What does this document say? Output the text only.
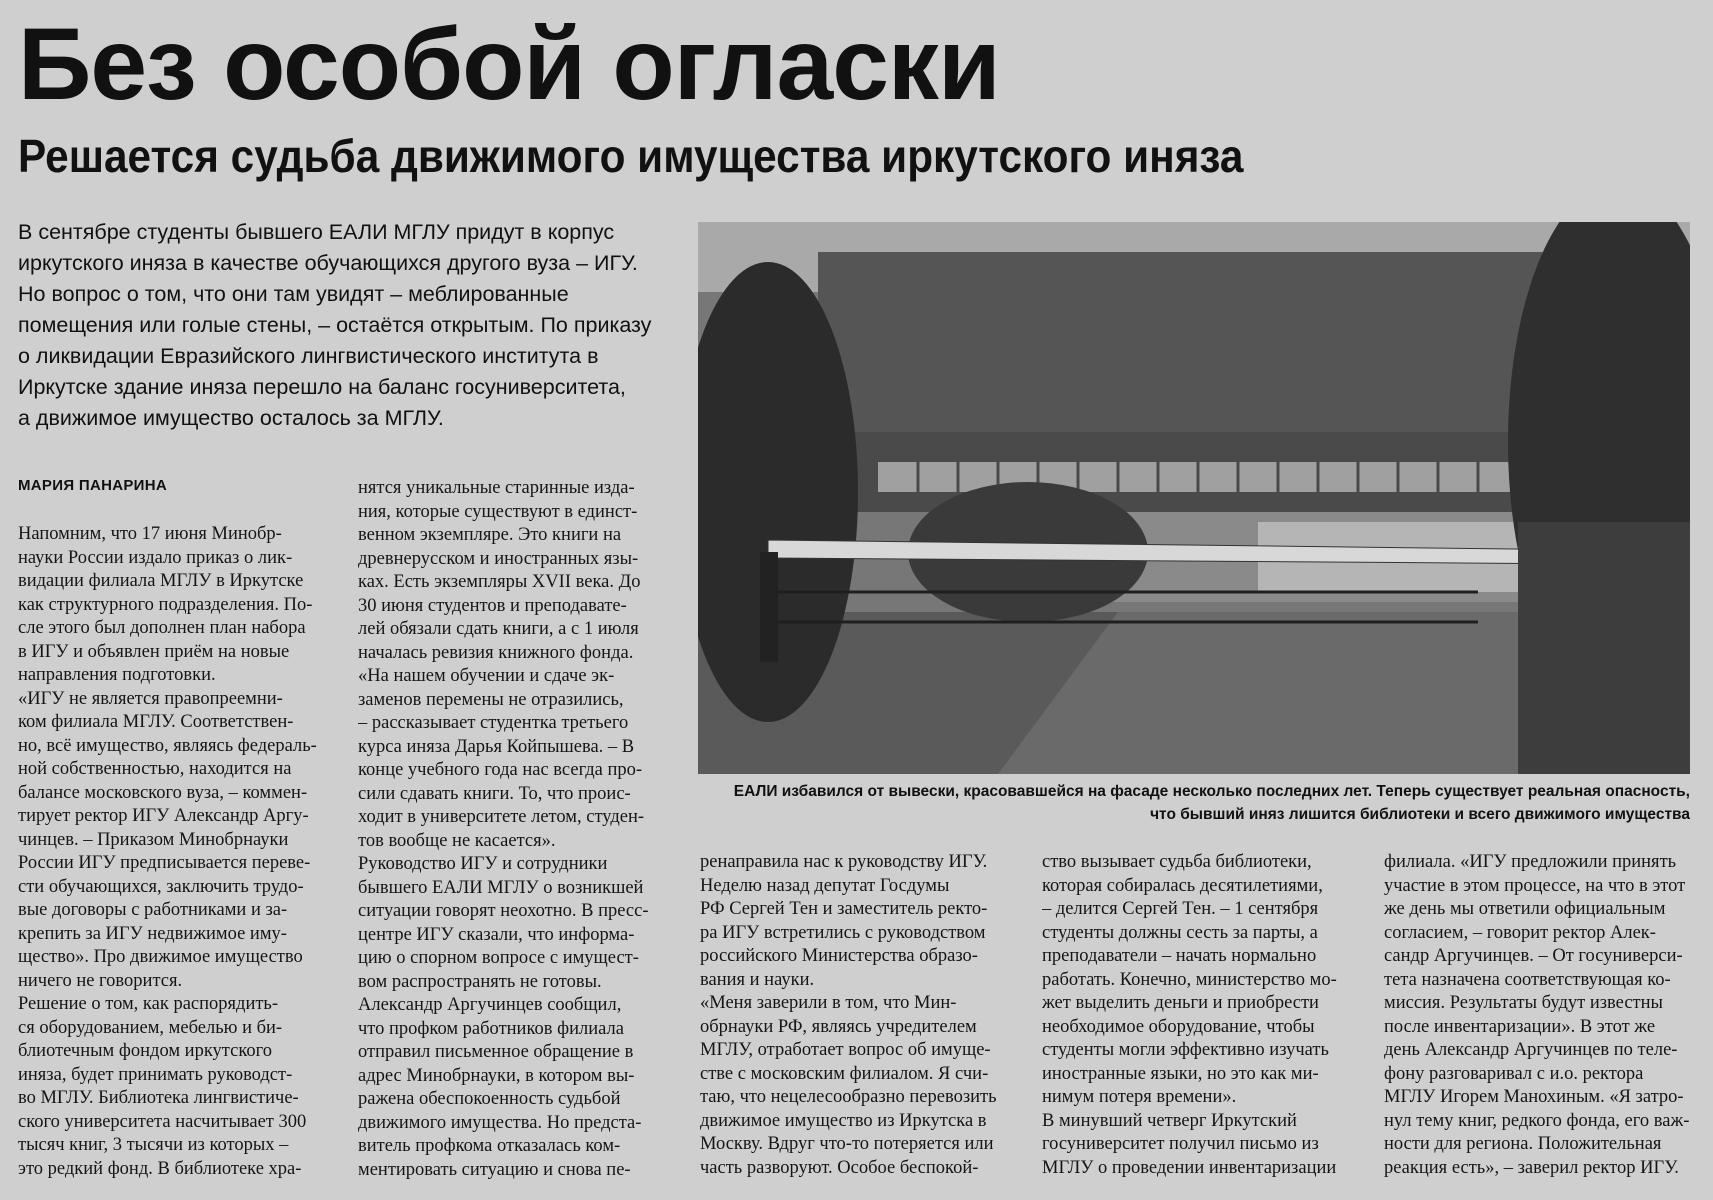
Без особой огласки
Решается судьба движимого имущества иркутского иняза
В сентябре студенты бывшего ЕАЛИ МГЛУ придут в корпус
иркутского иняза в качестве обучающихся другого вуза – ИГУ.
Но вопрос о том, что они там увидят – меблированные
помещения или голые стены, – остаётся открытым. По приказу
о ликвидации Евразийского лингвистического института в
Иркутске здание иняза перешло на баланс госуниверситета,
а движимое имущество осталось за МГЛУ.
МАРИЯ ПАНАРИНА
ЕАЛИ избавился от вывески, красовавшейся на фасаде несколько последних лет. Теперь существует реальная опасность,
что бывший иняз лишится библиотеки и всего движимого имущества
Напомним, что 17 июня Минобр-
науки России издало приказ о лик-
видации филиала МГЛУ в Иркутске
как структурного подразделения. По-
сле этого был дополнен план набора
в ИГУ и объявлен приём на новые
направления подготовки.
«ИГУ не является правопреемни-
ком филиала МГЛУ. Соответствен-
но, всё имущество, являясь федераль-
ной собственностью, находится на
балансе московского вуза, – коммен-
тирует ректор ИГУ Александр Аргу-
чинцев. – Приказом Минобрнауки
России ИГУ предписывается переве-
сти обучающихся, заключить трудо-
вые договоры с работниками и за-
крепить за ИГУ недвижимое иму-
щество». Про движимое имущество
ничего не говорится.
Решение о том, как распорядить-
ся оборудованием, мебелью и би-
блиотечным фондом иркутского
иняза, будет принимать руководст-
во МГЛУ. Библиотека лингвистиче-
ского университета насчитывает 300
тысяч книг, 3 тысячи из которых –
это редкий фонд. В библиотеке хра-
нятся уникальные старинные изда-
ния, которые существуют в единст-
венном экземпляре. Это книги на
древнерусском и иностранных язы-
ках. Есть экземпляры XVII века. До
30 июня студентов и преподавате-
лей обязали сдать книги, а с 1 июля
началась ревизия книжного фонда.
«На нашем обучении и сдаче эк-
заменов перемены не отразились,
– рассказывает студентка третьего
курса иняза Дарья Койпышева. – В
конце учебного года нас всегда про-
сили сдавать книги. То, что проис-
ходит в университете летом, студен-
тов вообще не касается».
Руководство ИГУ и сотрудники
бывшего ЕАЛИ МГЛУ о возникшей
ситуации говорят неохотно. В пресс-
центре ИГУ сказали, что информа-
цию о спорном вопросе с имущест-
вом распространять не готовы.
Александр Аргучинцев сообщил,
что профком работников филиала
отправил письменное обращение в
адрес Минобрнауки, в котором вы-
ражена обеспокоенность судьбой
движимого имущества. Но предста-
витель профкома отказалась ком-
ментировать ситуацию и снова пе-
ренаправила нас к руководству ИГУ.
Неделю назад депутат Госдумы
РФ Сергей Тен и заместитель ректо-
ра ИГУ встретились с руководством
российского Министерства образо-
вания и науки.
«Меня заверили в том, что Мин-
обрнауки РФ, являясь учредителем
МГЛУ, отработает вопрос об имуще-
стве с московским филиалом. Я счи-
таю, что нецелесообразно перевозить
движимое имущество из Иркутска в
Москву. Вдруг что-то потеряется или
часть разворуют. Особое беспокой-
ство вызывает судьба библиотеки,
которая собиралась десятилетиями,
– делится Сергей Тен. – 1 сентября
студенты должны сесть за парты, а
преподаватели – начать нормально
работать. Конечно, министерство мо-
жет выделить деньги и приобрести
необходимое оборудование, чтобы
студенты могли эффективно изучать
иностранные языки, но это как ми-
нимум потеря времени».
В минувший четверг Иркутский
госуниверситет получил письмо из
МГЛУ о проведении инвентаризации
филиала. «ИГУ предложили принять
участие в этом процессе, на что в этот
же день мы ответили официальным
согласием, – говорит ректор Алек-
сандр Аргучинцев. – От госуниверси-
тета назначена соответствующая ко-
миссия. Результаты будут известны
после инвентаризации». В этот же
день Александр Аргучинцев по теле-
фону разговаривал с и.о. ректора
МГЛУ Игорем Манохиным. «Я затро-
нул тему книг, редкого фонда, его важ-
ности для региона. Положительная
реакция есть», – заверил ректор ИГУ.
